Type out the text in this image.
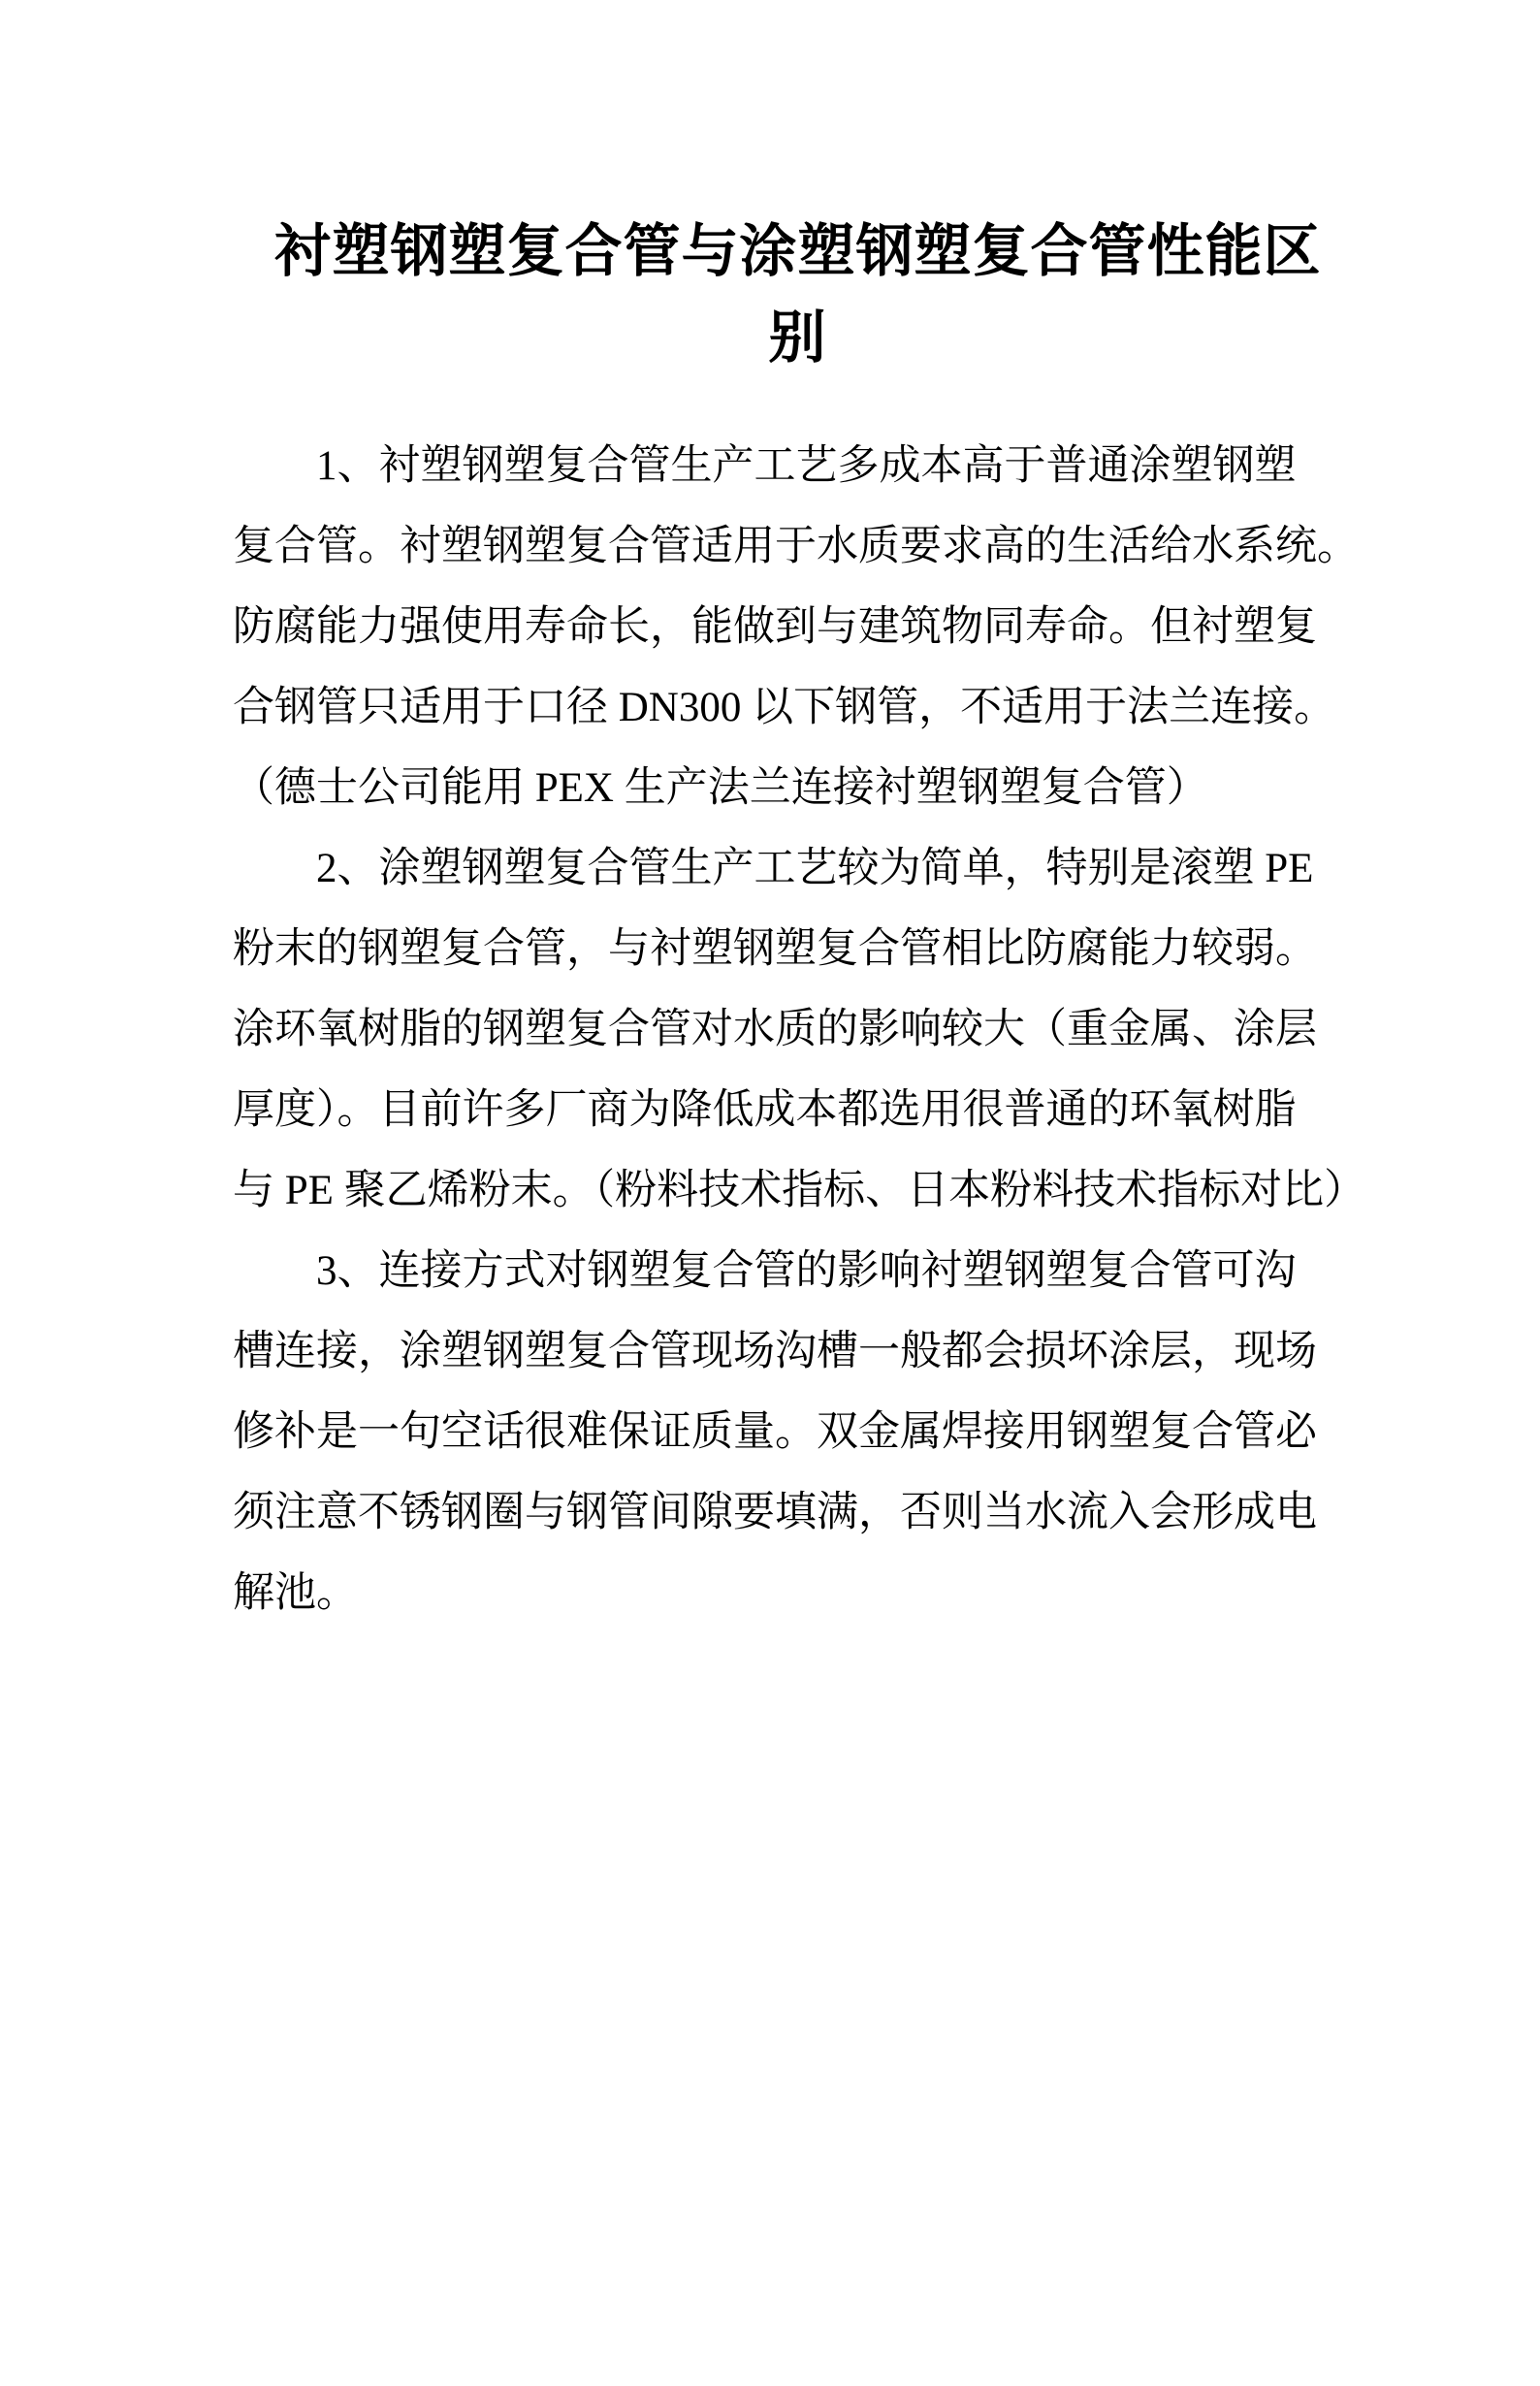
衬塑钢塑复合管与涂塑钢塑复合管性能区
别

1、衬塑钢塑复合管生产工艺多成本高于普通涂塑钢塑
复合管。衬塑钢塑复合管适用于水质要求高的生活给水系统。
防腐能力强使用寿命长，能做到与建筑物同寿命。但衬塑复
合钢管只适用于口径 DN300 以下钢管，不适用于法兰连接。
（德士公司能用 PEX 生产法兰连接衬塑钢塑复合管）

2、涂塑钢塑复合管生产工艺较为简单，特别是滚塑 PE
粉末的钢塑复合管，与衬塑钢塑复合管相比防腐能力较弱。
涂环氧树脂的钢塑复合管对水质的影响较大（重金属、涂层
厚度）。目前许多厂商为降低成本都选用很普通的环氧树脂
与 PE 聚乙烯粉末。（粉料技术指标、日本粉料技术指标对比）

3、连接方式对钢塑复合管的影响衬塑钢塑复合管可沟
槽连接，涂塑钢塑复合管现场沟槽一般都会损坏涂层，现场
修补是一句空话很难保证质量。双金属焊接用钢塑复合管必
须注意不锈钢圈与钢管间隙要填满，否则当水流入会形成电
解池。
